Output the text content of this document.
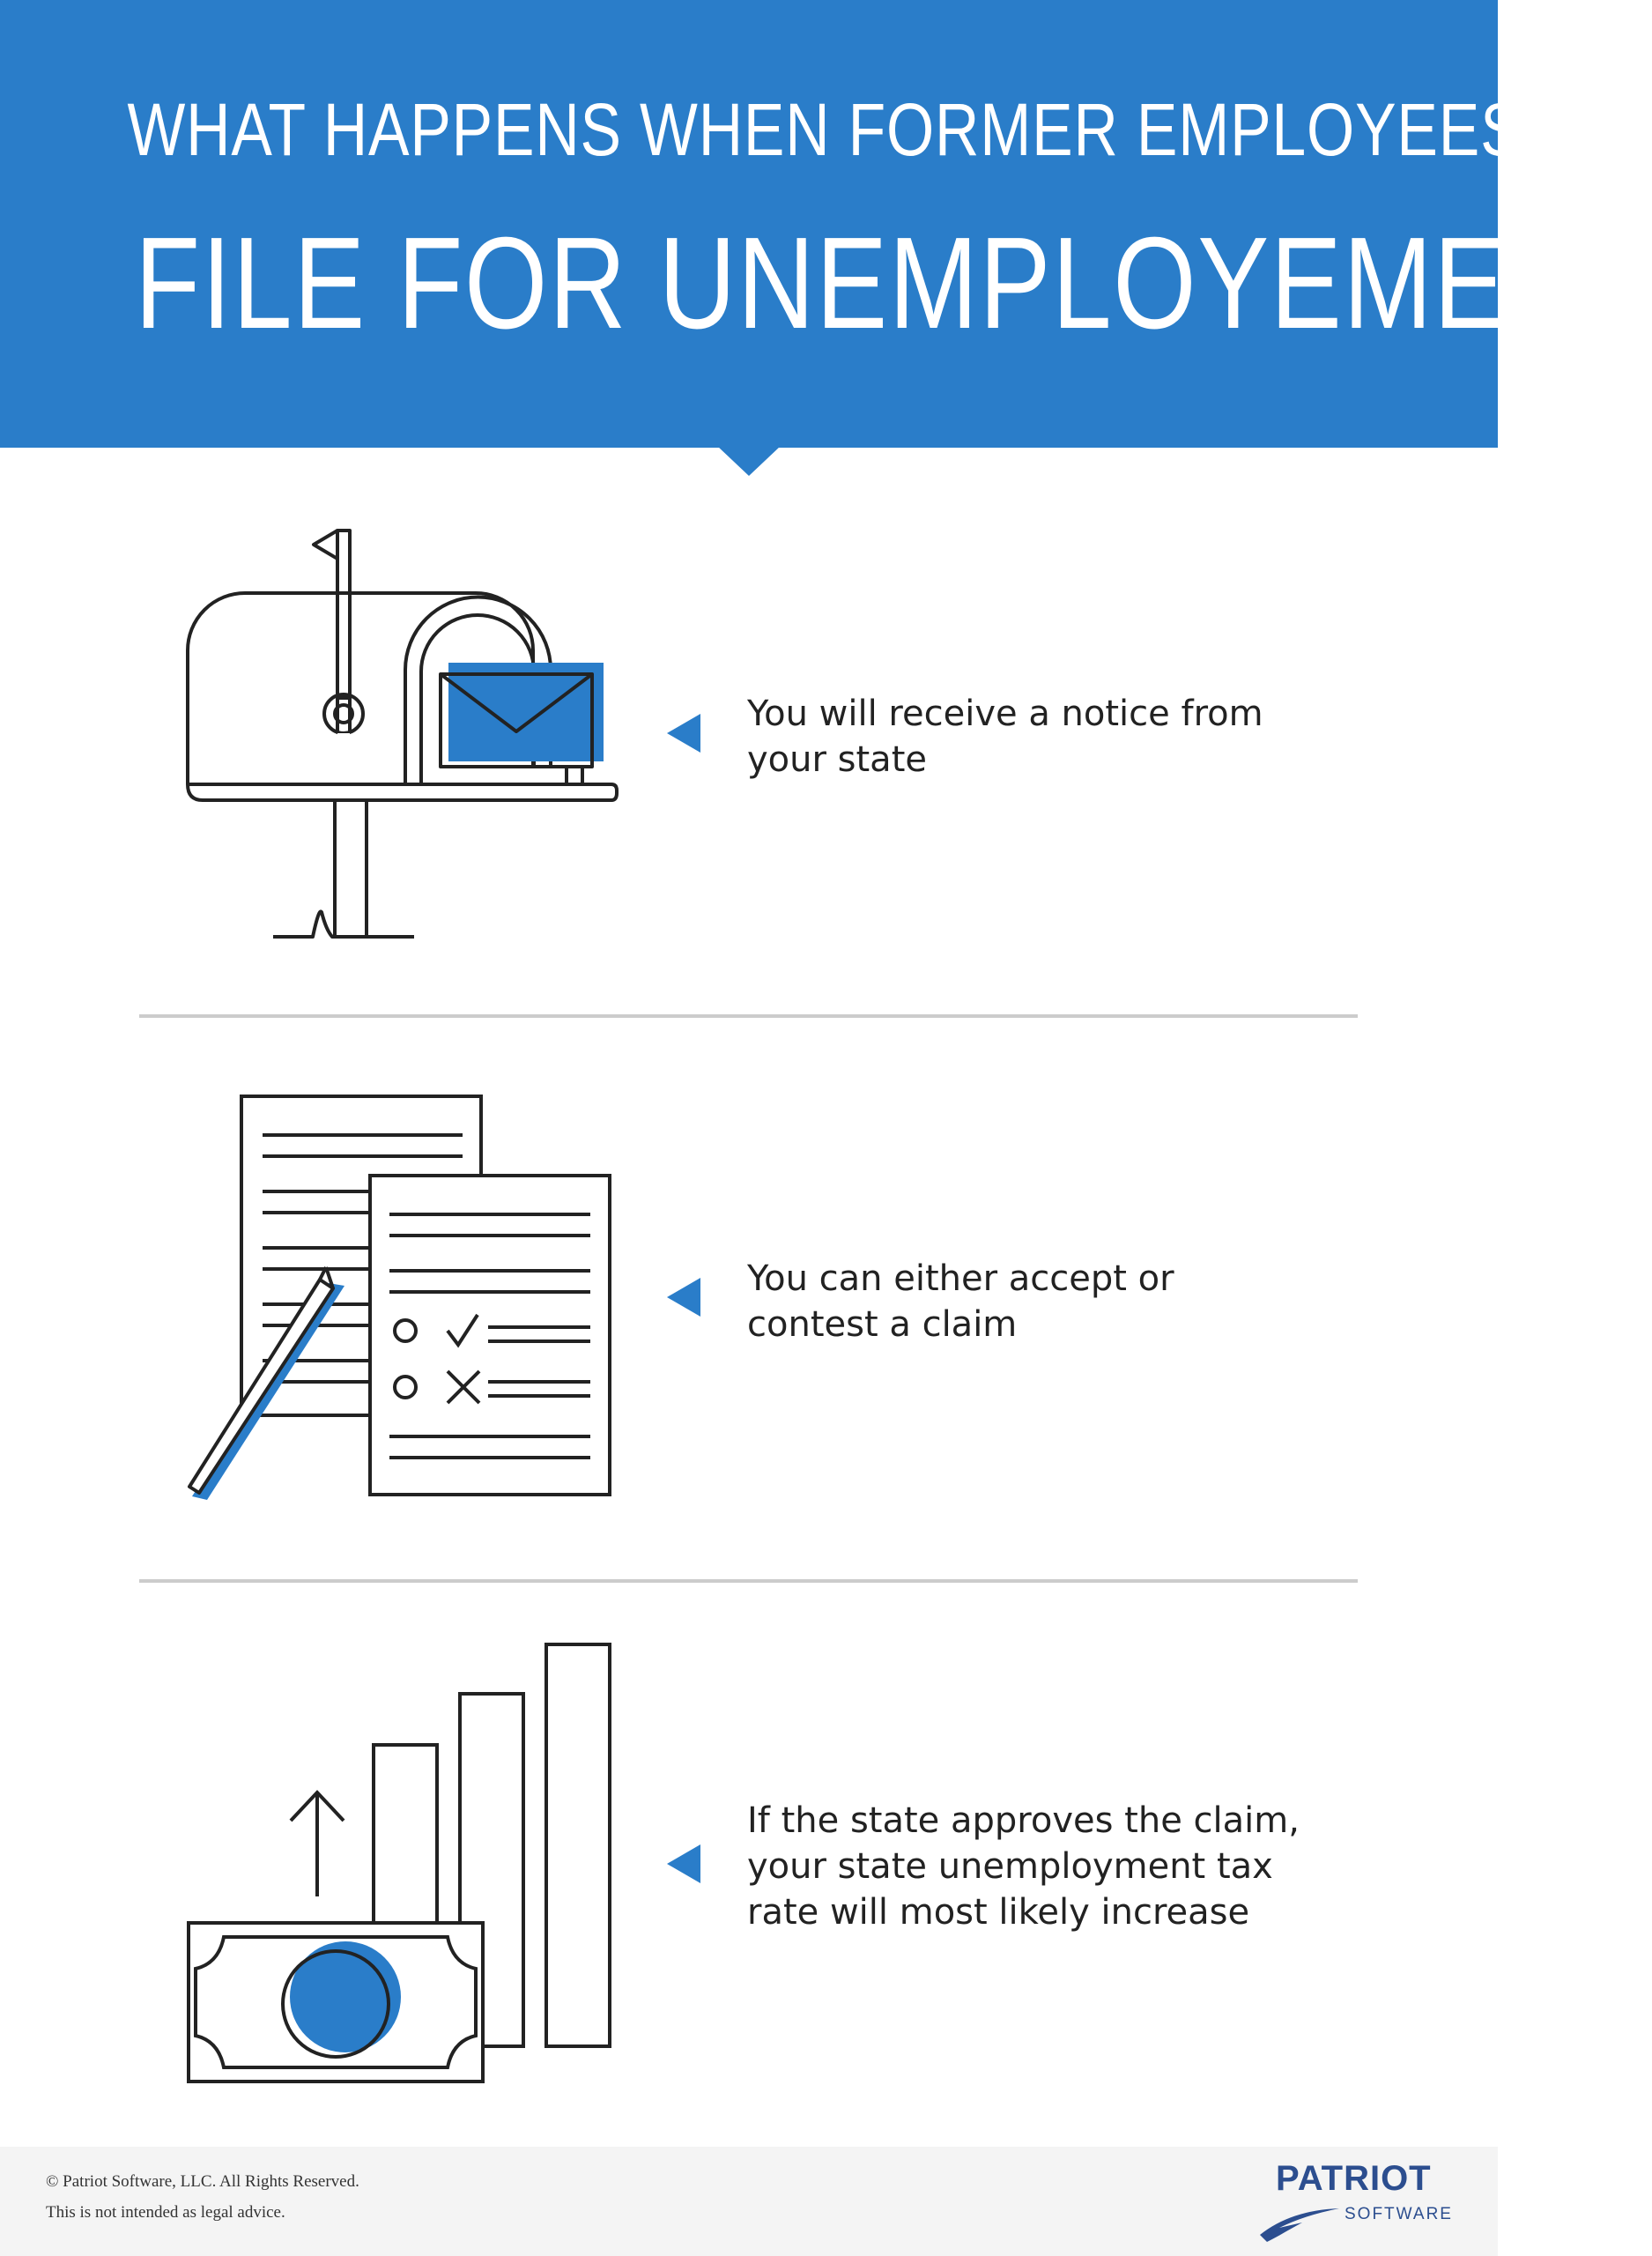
WHAT HAPPENS WHEN FORMER EMPLOYEES
FILE FOR UNEMPLOYEMENT
You will receive a notice from
your state
You can either accept or
contest a claim
If the state approves the claim,
your state unemployment tax
rate will most likely increase
© Patriot Software, LLC. All Rights Reserved.
This is not intended as legal advice.
PATRIOT
SOFTWARE
